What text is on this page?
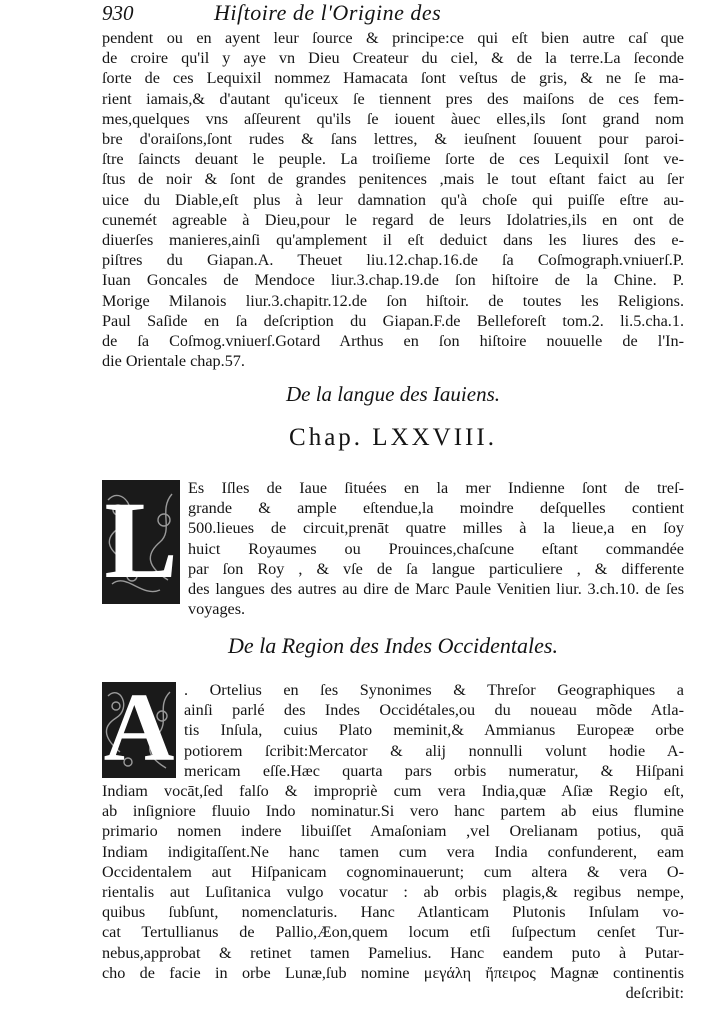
930	Hiſtoire de l'Origine des
pendent ou en ayent leur ſource & principe:ce qui eſt bien autre caſ que
de croire qu'il y aye vn Dieu Createur du ciel, & de la terre.La ſeconde
ſorte de ces Lequixil nommez Hamacata ſont veſtus de gris, & ne ſe ma-
rient iamais,& d'autant qu'iceux ſe tiennent pres des maiſons de ces fem-
mes,quelques vns aſſeurent qu'ils ſe iouent àuec elles,ils ſont grand nom
bre d'oraiſons,ſont rudes & ſans lettres, & ieuſnent ſouuent pour paroi-
ſtre ſaincts deuant le peuple. La troiſieme ſorte de ces Lequixil ſont ve-
ſtus de noir & ſont de grandes penitences ,mais le tout eſtant faict au ſer
uice du Diable,eſt plus à leur damnation qu'à choſe qui puiſſe eſtre au-
cunemét agreable à Dieu,pour le regard de leurs Idolatries,ils en ont de
diuerſes manieres,ainſi qu'amplement il eſt deduict dans les liures des e-
piſtres du Giapan.A. Theuet liu.12.chap.16.de ſa Coſmograph.vniuerſ.P.
Iuan Goncales de Mendoce liur.3.chap.19.de ſon hiſtoire de la Chine. P.
Morige Milanois liur.3.chapitr.12.de ſon hiſtoir. de toutes les Religions.
Paul Saſide en ſa deſcription du Giapan.F.de Belleforeſt tom.2. li.5.cha.1.
de ſa Coſmog.vniuerſ.Gotard Arthus en ſon hiſtoire nouuelle de l'In-
die Orientale chap.57.
De la langue des Iauiens.
Chap. LXXVIII.
L Es Iſles de Iaue ſituées en la mer Indienne ſont de treſ-
grande & ample eſtendue,la moindre deſquelles contient
500.lieues de circuit,prenāt quatre milles à la lieue,a en ſoy
huict Royaumes ou Prouinces,chaſcune eſtant commandée
par ſon Roy , & vſe de ſa langue particuliere , & differente
des langues des autres au dire de Marc Paule Venitien liur. 3.ch.10. de ſes
voyages.
De la Region des Indes Occidentales.
A . Ortelius en ſes Synonimes & Threſor Geographiques a
ainſi parlé des Indes Occidétales,ou du noueau mõde Atla-
tis Inſula, cuius Plato meminit,& Ammianus Europeæ orbe
potiorem ſcribit:Mercator & alij nonnulli volunt hodie A-
mericam eſſe.Hæc quarta pars orbis numeratur, & Hiſpani
Indiam vocāt,ſed falſo & impropriè cum vera India,quæ Aſiæ Regio eſt,
ab inſigniore fluuio Indo nominatur.Si vero hanc partem ab eius flumine
primario nomen indere libuiſſet Amaſoniam ,vel Orelianam potius, quā
Indiam indigitaſſent.Ne hanc tamen cum vera India confunderent, eam
Occidentalem aut Hiſpanicam cognominauerunt; cum altera & vera O-
rientalis aut Luſitanica vulgo vocatur : ab orbis plagis,& regibus nempe,
quibus ſubſunt, nomenclaturis. Hanc Atlanticam Plutonis Inſulam vo-
cat Tertullianus de Pallio,Æon,quem locum etſi ſuſpectum cenſet Tur-
nebus,approbat & retinet tamen Pamelius. Hanc eandem puto à Putar-
cho de facie in orbe Lunæ,ſub nomine μεγάλη ἤπειρος Magnæ continentis
deſcribit:
